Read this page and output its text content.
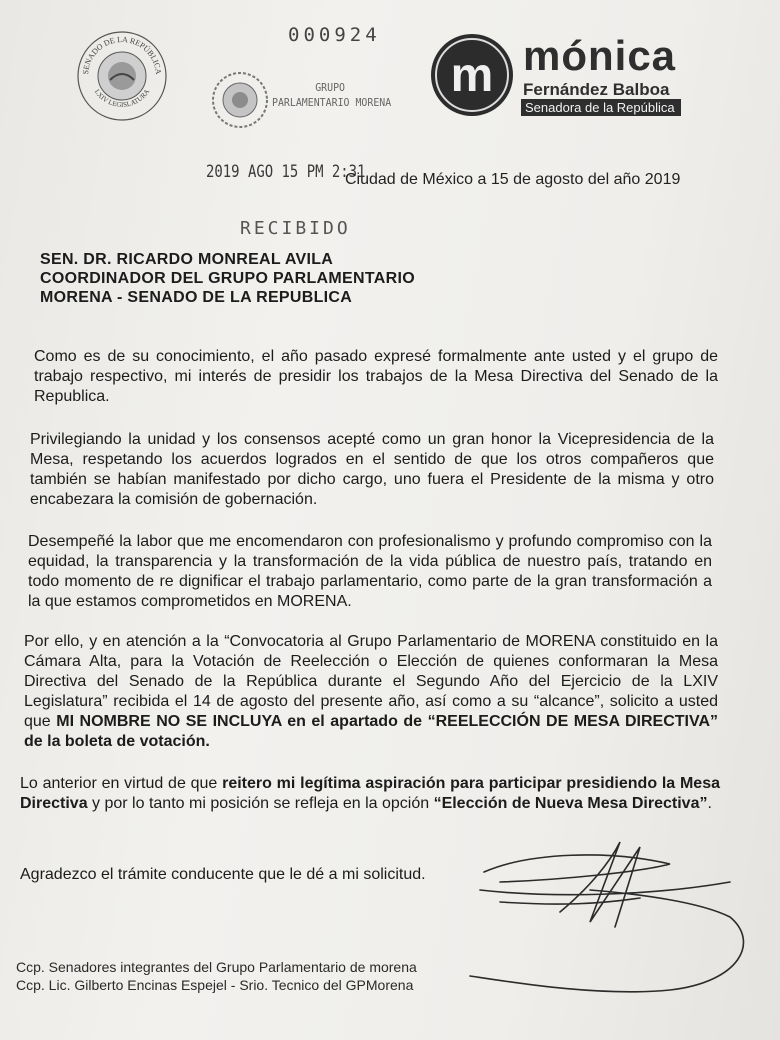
000924
SENADO DE LA REPÚBLICA
LXIV LEGISLATURA	GRUPO
PARLAMENTARIO MORENA
m mónica
Fernández Balboa
Senadora de la República
2019 AGO 15 PM 2:31
Ciudad de México a 15 de agosto del año 2019
RECIBIDO
SEN. DR. RICARDO MONREAL AVILA
COORDINADOR DEL GRUPO PARLAMENTARIO
MORENA - SENADO DE LA REPUBLICA
Como es de su conocimiento, el año pasado expresé formalmente ante usted y el grupo de trabajo respectivo, mi interés de presidir los trabajos de la Mesa Directiva del Senado de la Republica.
Privilegiando la unidad y los consensos acepté como un gran honor la Vicepresidencia de la Mesa, respetando los acuerdos logrados en el sentido de que los otros compañeros que también se habían manifestado por dicho cargo, uno fuera el Presidente de la misma y otro encabezara la comisión de gobernación.
Desempeñé la labor que me encomendaron con profesionalismo y profundo compromiso con la equidad, la transparencia y la transformación de la vida pública de nuestro país, tratando en todo momento de re dignificar el trabajo parlamentario, como parte de la gran transformación a la que estamos comprometidos en MORENA.
Por ello, y en atención a la “Convocatoria al Grupo Parlamentario de MORENA constituido en la Cámara Alta, para la Votación de Reelección o Elección de quienes conformaran la Mesa Directiva del Senado de la República durante el Segundo Año del Ejercicio de la LXIV Legislatura” recibida el 14 de agosto del presente año, así como a su “alcance”, solicito a usted que MI NOMBRE NO SE INCLUYA en el apartado de “REELECCIÓN DE MESA DIRECTIVA” de la boleta de votación.
Lo anterior en virtud de que reitero mi legítima aspiración para participar presidiendo la Mesa Directiva y por lo tanto mi posición se refleja en la opción “Elección de Nueva Mesa Directiva”.
Agradezco el trámite conducente que le dé a mi solicitud.
Ccp. Senadores integrantes del Grupo Parlamentario de morena
Ccp. Lic. Gilberto Encinas Espejel - Srio. Tecnico del GPMorena
